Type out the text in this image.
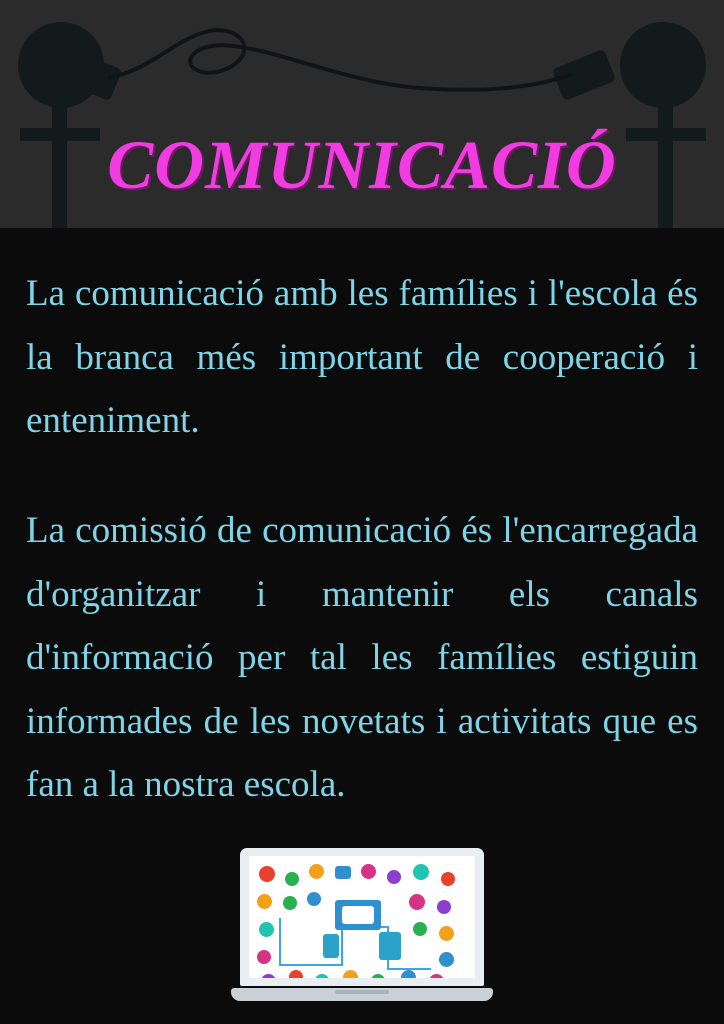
COMUNICACIÓ

La comunicació amb les famílies i l'escola és la branca més important de cooperació i enteniment.

La comissió de comunicació és l'encarregada d'organitzar i mantenir els canals d'informació per tal les famílies estiguin informades de les novetats i activitats que es fan a la nostra escola.
